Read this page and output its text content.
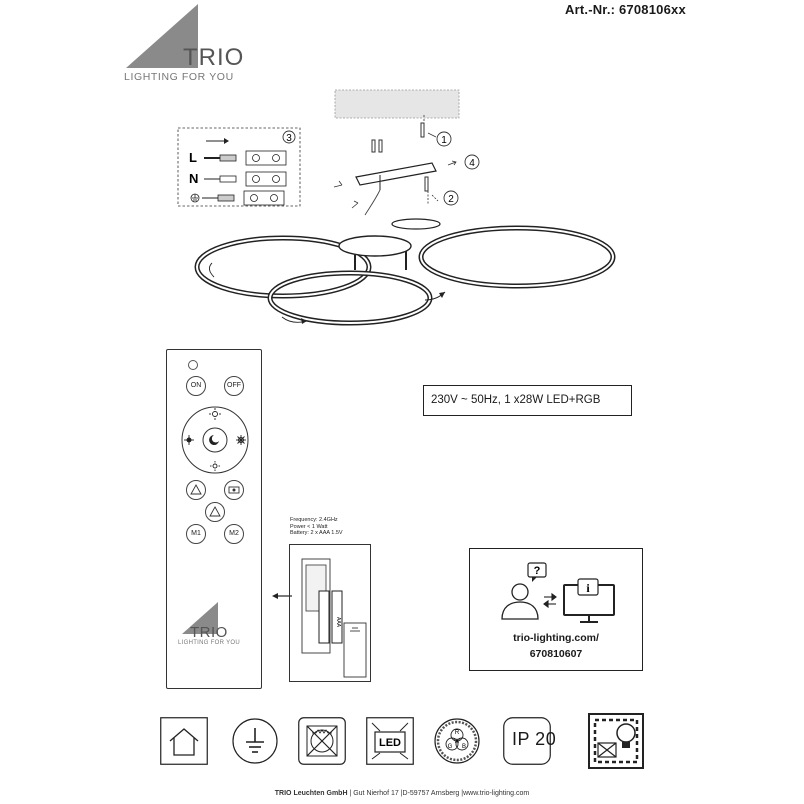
Art.-Nr.: 6708106xx
TRIO
LIGHTING FOR YOU
1
4
2
3
L
N
230V ~ 50Hz, 1 x28W LED+RGB
ON	OFF
M1	M2
TRIO
LIGHTING FOR YOU
Frequency: 2.4GHz
Power < 1 Watt
Battery: 2 x AAA 1.5V
AAA
?
i
trio-lighting.com/
670810607
LED
R
G
W
B	IP 20
TRIO Leuchten GmbH | Gut Nierhof 17 |D-59757 Arnsberg |www.trio-lighting.com
